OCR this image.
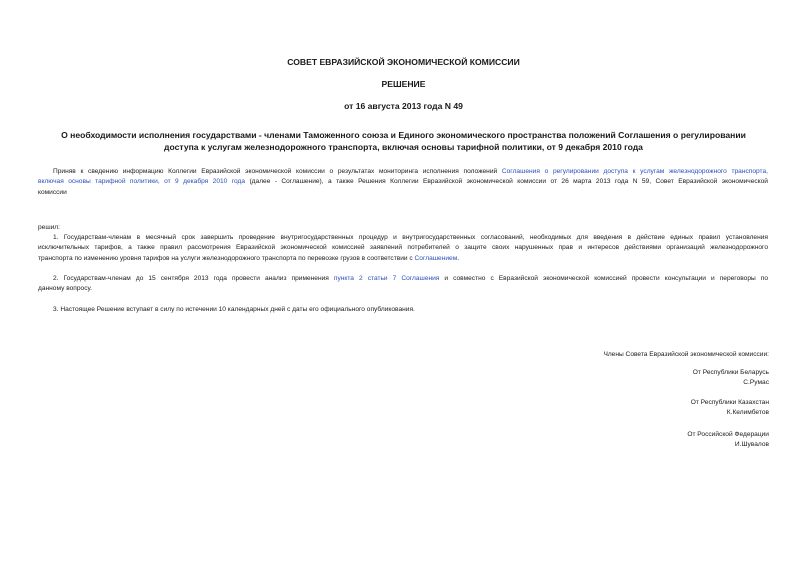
СОВЕТ ЕВРАЗИЙСКОЙ ЭКОНОМИЧЕСКОЙ КОМИССИИ
РЕШЕНИЕ
от 16 августа 2013 года N 49
О необходимости исполнения государствами - членами Таможенного союза и Единого экономического пространства положений Соглашения о регулировании
доступа к услугам железнодорожного транспорта, включая основы тарифной политики, от 9 декабря 2010 года
Приняв к сведению информацию Коллегии Евразийской экономической комиссии о результатах мониторинга исполнения положений Соглашения о регулировании доступа к услугам железнодорожного транспорта,
включая основы тарифной политики, от 9 декабря 2010 года (далее - Соглашение), а также Решения Коллегии Евразийской экономической комиссии от 26 марта 2013 года N 59, Совет Евразийской экономической
комиссии
решил:
1. Государствам-членам в месячный срок завершить проведение внутригосударственных процедур и внутригосударственных согласований, необходимых для введения в действие единых правил установления
исключительных тарифов, а также правил рассмотрения Евразийской экономической комиссией заявлений потребителей о защите своих нарушенных прав и интересов действиями организаций железнодорожного
транспорта по изменению уровня тарифов на услуги железнодорожного транспорта по перевозке грузов в соответствии с Соглашением.
2. Государствам-членам до 15 сентября 2013 года провести анализ применения пункта 2 статьи 7 Соглашения и совместно с Евразийской экономической комиссией провести консультации и переговоры по
данному вопросу.
3. Настоящее Решение вступает в силу по истечении 10 календарных дней с даты его официального опубликования.
Члены Совета Евразийской экономической комиссии:
От Республики Беларусь
С.Румас
От Республики Казахстан
К.Келимбетов
От Российской Федерации
И.Шувалов
